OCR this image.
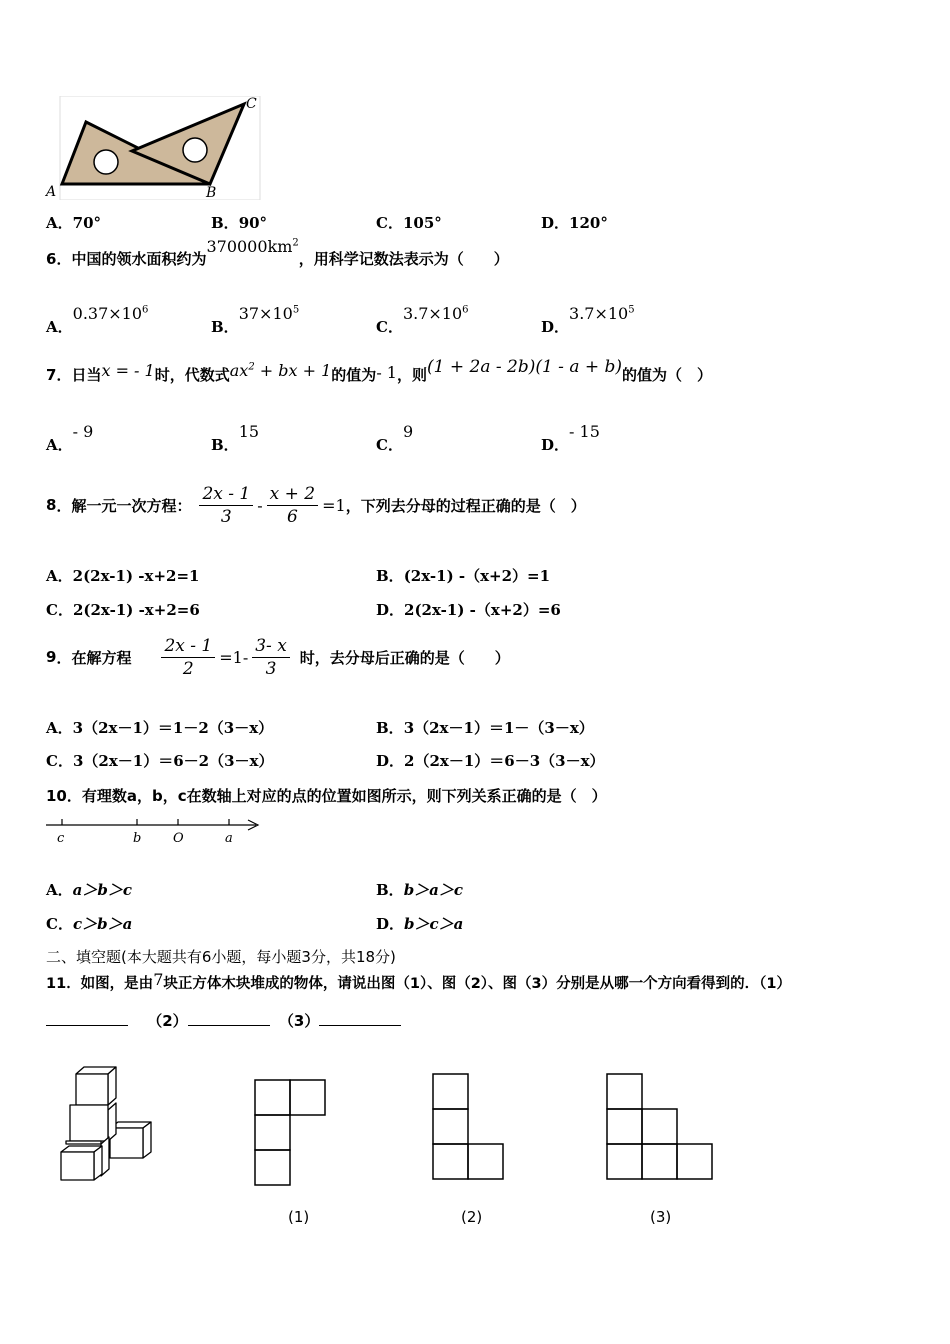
A	B
C
A．70°	B．90°	C．105°	D．120°
6．中国的领水面积约为$370000km^2$，用科学记数法表示为（　　）
A．$0.37\times 10^6$
B．$37\times 10^5$
C．$3.7\times 10^6$
D．$3.7\times 10^5$
7．日当x = - 1时，代数式$ax^2$ + bx + 1的值为- 1，则(1 + 2a - 2b)(1 - a + b)的值为（　）
A．- 9
B．15
C．9
D．- 15
8 ．解一元一次方程： $\frac{2x - 1}{3} - \frac{x + 2}{6} =1$ ，下列去分母的过程正确的是（　）
A．2(2x-1) -x+2=1	B．(2x-1) -（x+2）=1
C．2(2x-1) -x+2=6	D．2(2x-1) -（x+2）=6
9 ．在解方程 $\frac{2x - 1}{2} =1- \frac{3- x}{3}$ 时，去分母后正确的是（　　）
A．3（2x－1）＝1－2（3－x）	B．3（2x－1）＝1－（3－x）
C．3（2x－1）＝6－2（3－x）	D．2（2x－1）＝6－3（3－x）
10．有理数a，b，c在数轴上对应的点的位置如图所示，则下列关系正确的是（　）
c	b O	a
A．a＞b＞c	B．b＞a＞c
C．c＞b＞a	D．b＞c＞a
二、填空题(本大题共有6小题，每小题3分，共18分)
11．如图，是由7块正方体木块堆成的物体，请说出图（1）、图（2）、图（3）分别是从哪一个方向看得到的．（1）
（2）	（3）
(1)	(2)	(3)
